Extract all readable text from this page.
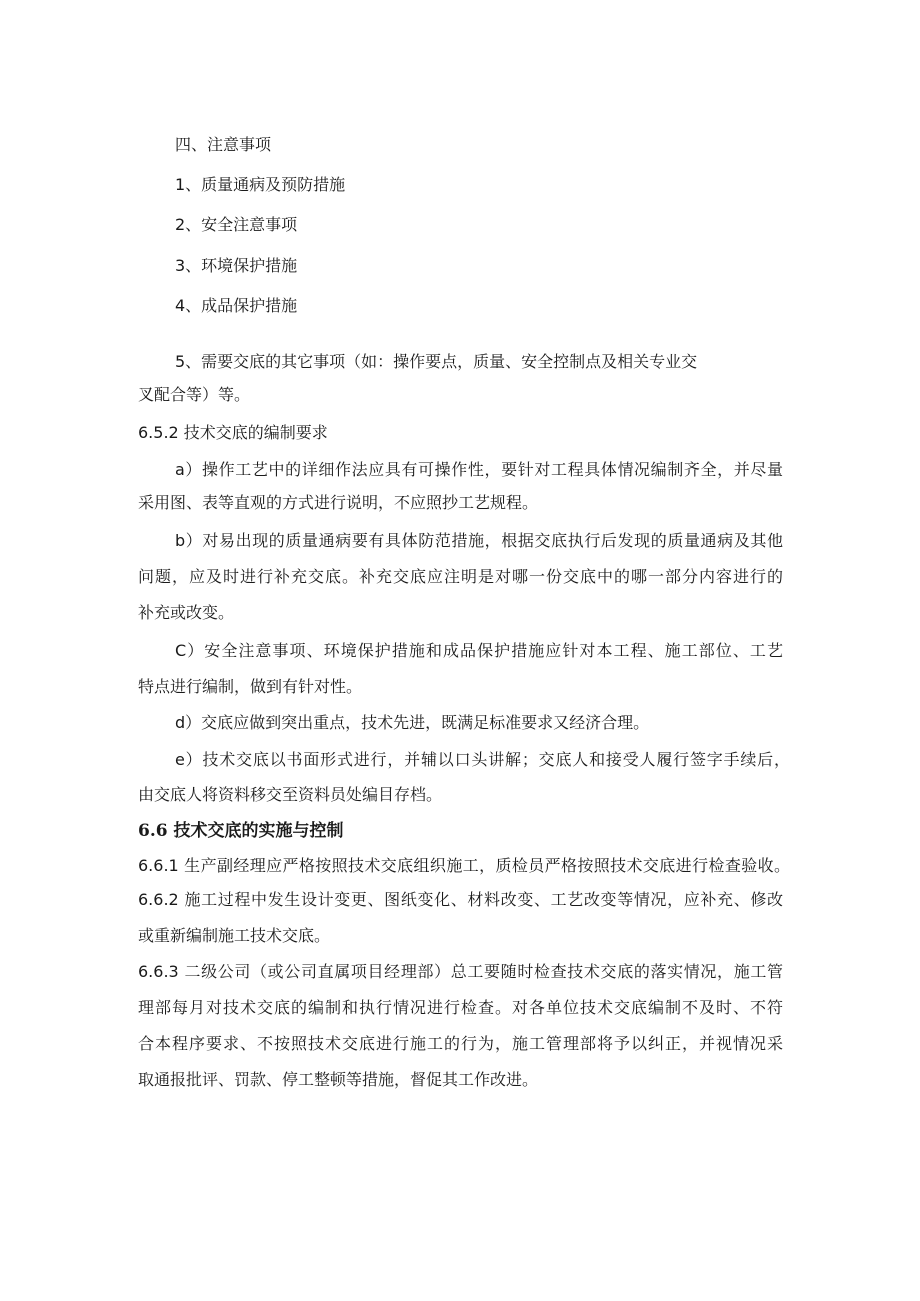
四、注意事项

1、质量通病及预防措施

2、安全注意事项

3、环境保护措施

4、成品保护措施

5、需要交底的其它事项（如：操作要点，质量、安全控制点及相关专业交

叉配合等）等。

6.5.2 技术交底的编制要求

a）操作工艺中的详细作法应具有可操作性，要针对工程具体情况编制齐全，并尽量

采用图、表等直观的方式进行说明，不应照抄工艺规程。

b）对易出现的质量通病要有具体防范措施，根据交底执行后发现的质量通病及其他

问题，应及时进行补充交底。补充交底应注明是对哪一份交底中的哪一部分内容进行的

补充或改变。

C）安全注意事项、环境保护措施和成品保护措施应针对本工程、施工部位、工艺

特点进行编制，做到有针对性。

d）交底应做到突出重点，技术先进，既满足标准要求又经济合理。

e）技术交底以书面形式进行，并辅以口头讲解；交底人和接受人履行签字手续后，

由交底人将资料移交至资料员处编目存档。

6.6 技术交底的实施与控制

6.6.1 生产副经理应严格按照技术交底组织施工，质检员严格按照技术交底进行检查验收。

6.6.2 施工过程中发生设计变更、图纸变化、材料改变、工艺改变等情况，应补充、修改

或重新编制施工技术交底。

6.6.3 二级公司（或公司直属项目经理部）总工要随时检查技术交底的落实情况，施工管

理部每月对技术交底的编制和执行情况进行检查。对各单位技术交底编制不及时、不符

合本程序要求、不按照技术交底进行施工的行为，施工管理部将予以纠正，并视情况采

取通报批评、罚款、停工整顿等措施，督促其工作改进。
